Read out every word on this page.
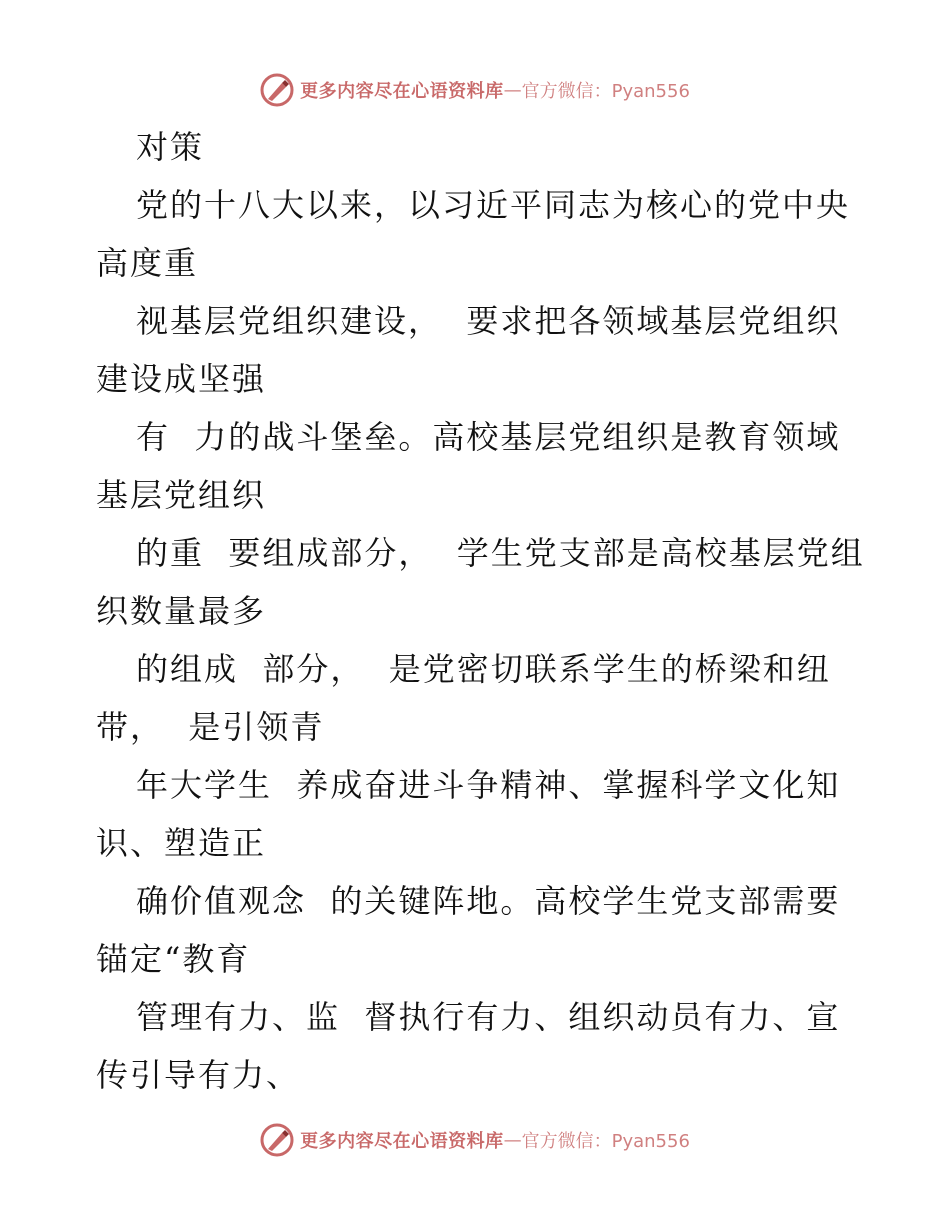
更多内容尽在心语资料库 — 官方微信：Pyan556
对策
党的十八大以来，以习近平同志为核心的党中央
高度重
视基层党组织建设，  要求把各领域基层党组织
建设成坚强
有  力的战斗堡垒。高校基层党组织是教育领域
基层党组织
的重  要组成部分，  学生党支部是高校基层党组
织数量最多
的组成  部分，  是党密切联系学生的桥梁和纽
带，  是引领青
年大学生  养成奋进斗争精神、掌握科学文化知
识、塑造正
确价值观念  的关键阵地。高校学生党支部需要
锚定“教育
管理有力、监  督执行有力、组织动员有力、宣
传引导有力、
更多内容尽在心语资料库 — 官方微信：Pyan556
